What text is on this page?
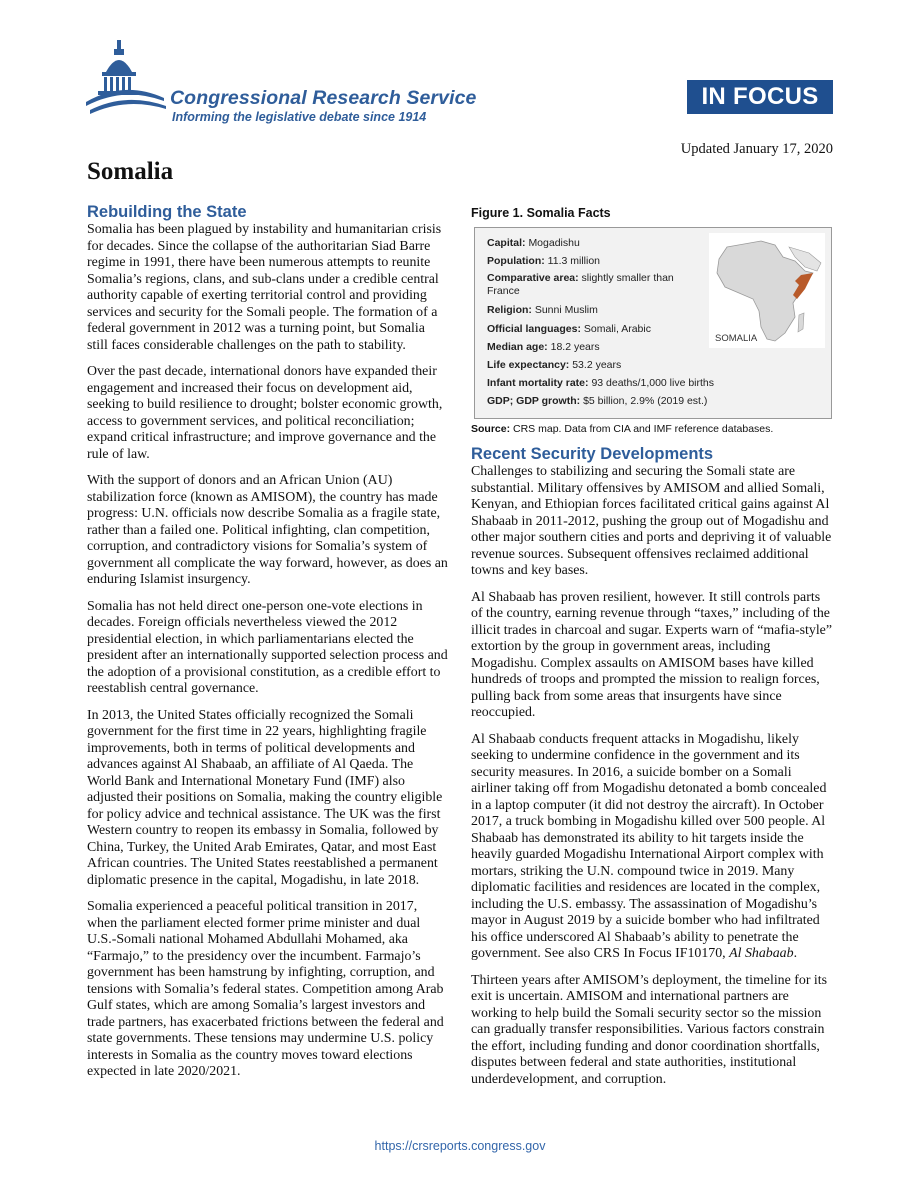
Congressional Research Service
Informing the legislative debate since 1914
IN FOCUS
Updated January 17, 2020
Somalia
Rebuilding the State

Somalia has been plagued by instability and humanitarian crisis for decades. Since the collapse of the authoritarian Siad Barre regime in 1991, there have been numerous attempts to reunite Somalia’s regions, clans, and sub-clans under a credible central authority capable of exerting territorial control and providing services and security for the Somali people. The formation of a federal government in 2012 was a turning point, but Somalia still faces considerable challenges on the path to stability.

Over the past decade, international donors have expanded their engagement and increased their focus on development aid, seeking to build resilience to drought; bolster economic growth, access to government services, and political reconciliation; expand critical infrastructure; and improve governance and the rule of law.

With the support of donors and an African Union (AU) stabilization force (known as AMISOM), the country has made progress: U.N. officials now describe Somalia as a fragile state, rather than a failed one. Political infighting, clan competition, corruption, and contradictory visions for Somalia’s system of government all complicate the way forward, however, as does an enduring Islamist insurgency.

Somalia has not held direct one-person one-vote elections in decades. Foreign officials nevertheless viewed the 2012 presidential election, in which parliamentarians elected the president after an internationally supported selection process and the adoption of a provisional constitution, as a credible effort to reestablish central governance.

In 2013, the United States officially recognized the Somali government for the first time in 22 years, highlighting fragile improvements, both in terms of political developments and advances against Al Shabaab, an affiliate of Al Qaeda. The World Bank and International Monetary Fund (IMF) also adjusted their positions on Somalia, making the country eligible for policy advice and technical assistance. The UK was the first Western country to reopen its embassy in Somalia, followed by China, Turkey, the United Arab Emirates, Qatar, and most East African countries. The United States reestablished a permanent diplomatic presence in the capital, Mogadishu, in late 2018.

Somalia experienced a peaceful political transition in 2017, when the parliament elected former prime minister and dual U.S.-Somali national Mohamed Abdullahi Mohamed, aka “Farmajo,” to the presidency over the incumbent. Farmajo’s government has been hamstrung by infighting, corruption, and tensions with Somalia’s federal states. Competition among Arab Gulf states, which are among Somalia’s largest investors and trade partners, has exacerbated frictions between the federal and state governments. These tensions may undermine U.S. policy interests in Somalia as the country moves toward elections expected in late 2020/2021.

Figure 1. Somalia Facts
Capital: Mogadishu
Population: 11.3 million
Comparative area: slightly smaller than France
Religion: Sunni Muslim
Official languages: Somali, Arabic
Median age: 18.2 years
Life expectancy: 53.2 years
Infant mortality rate: 93 deaths/1,000 live births
GDP; GDP growth: $5 billion, 2.9% (2019 est.)
SOMALIA
Source: CRS map. Data from CIA and IMF reference databases.
Recent Security Developments

Challenges to stabilizing and securing the Somali state are substantial. Military offensives by AMISOM and allied Somali, Kenyan, and Ethiopian forces facilitated critical gains against Al Shabaab in 2011-2012, pushing the group out of Mogadishu and other major southern cities and ports and depriving it of valuable revenue sources. Subsequent offensives reclaimed additional towns and key bases.

Al Shabaab has proven resilient, however. It still controls parts of the country, earning revenue through “taxes,” including of the illicit trades in charcoal and sugar. Experts warn of “mafia-style” extortion by the group in government areas, including Mogadishu. Complex assaults on AMISOM bases have killed hundreds of troops and prompted the mission to realign forces, pulling back from some areas that insurgents have since reoccupied.

Al Shabaab conducts frequent attacks in Mogadishu, likely seeking to undermine confidence in the government and its security measures. In 2016, a suicide bomber on a Somali airliner taking off from Mogadishu detonated a bomb concealed in a laptop computer (it did not destroy the aircraft). In October 2017, a truck bombing in Mogadishu killed over 500 people. Al Shabaab has demonstrated its ability to hit targets inside the heavily guarded Mogadishu International Airport complex with mortars, striking the U.N. compound twice in 2019. Many diplomatic facilities and residences are located in the complex, including the U.S. embassy. The assassination of Mogadishu’s mayor in August 2019 by a suicide bomber who had infiltrated his office underscored Al Shabaab’s ability to penetrate the government. See also CRS In Focus IF10170, Al Shabaab.

Thirteen years after AMISOM’s deployment, the timeline for its exit is uncertain. AMISOM and international partners are working to help build the Somali security sector so the mission can gradually transfer responsibilities. Various factors constrain the effort, including funding and donor coordination shortfalls, disputes between federal and state authorities, institutional underdevelopment, and corruption.

https://crsreports.congress.gov
